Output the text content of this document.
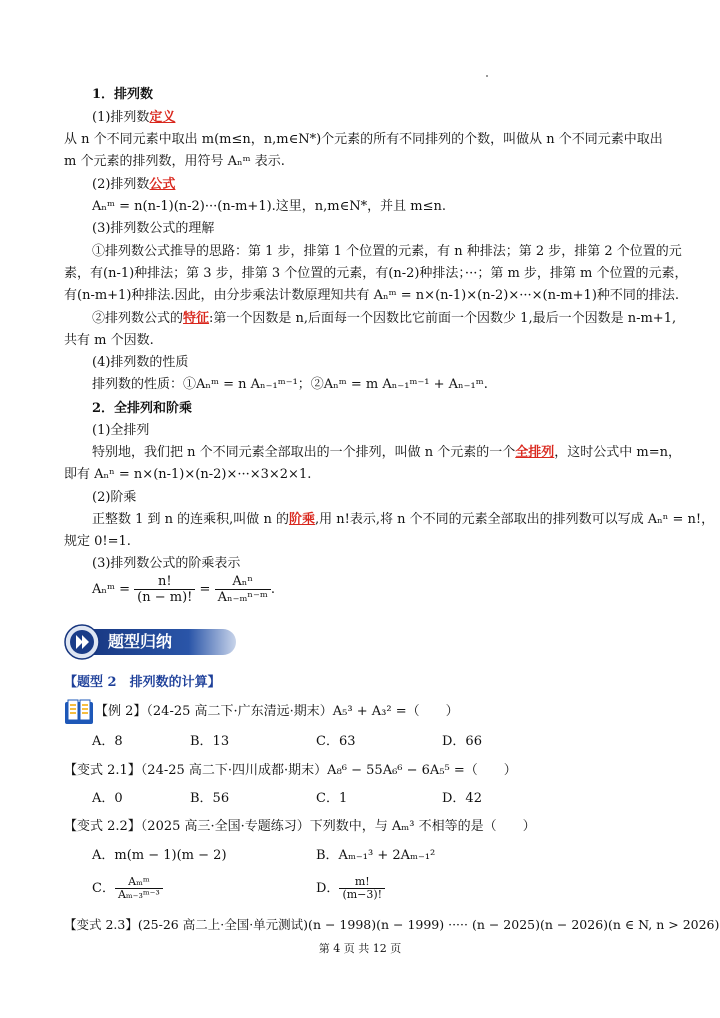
1．排列数
(1)排列数定义
从 n 个不同元素中取出 m(m≤n，n,m∈N*)个元素的所有不同排列的个数，叫做从 n 个不同元素中取出
m 个元素的排列数，用符号 Aₙᵐ 表示.
(2)排列数公式
Aₙᵐ = n(n-1)(n-2)···(n-m+1).这里，n,m∈N*，并且 m≤n.
(3)排列数公式的理解
①排列数公式推导的思路：第 1 步，排第 1 个位置的元素，有 n 种排法；第 2 步，排第 2 个位置的元
素，有(n-1)种排法；第 3 步，排第 3 个位置的元素，有(n-2)种排法；···；第 m 步，排第 m 个位置的元素，
有(n-m+1)种排法.因此，由分步乘法计数原理知共有 Aₙᵐ = n×(n-1)×(n-2)×···×(n-m+1)种不同的排法.
②排列数公式的特征:第一个因数是 n,后面每一个因数比它前面一个因数少 1,最后一个因数是 n-m+1,
共有 m 个因数.
(4)排列数的性质
排列数的性质：①Aₙᵐ = n Aₙ₋₁ᵐ⁻¹；②Aₙᵐ = m Aₙ₋₁ᵐ⁻¹ + Aₙ₋₁ᵐ.
2．全排列和阶乘
(1)全排列
特别地，我们把 n 个不同元素全部取出的一个排列，叫做 n 个元素的一个全排列，这时公式中 m=n，
即有 Aₙⁿ = n×(n-1)×(n-2)×···×3×2×1.
(2)阶乘
正整数 1 到 n 的连乘积,叫做 n 的阶乘,用 n!表示,将 n 个不同的元素全部取出的排列数可以写成 Aₙⁿ = n!，
规定 0!=1.
(3)排列数公式的阶乘表示
Aₙᵐ = $\frac{n!}{(n - m)!} = \frac{\text{Aₙⁿ}}{\text{Aₙ₋ₘⁿ⁻ᵐ}}$ .
题型归纳
【题型 2　排列数的计算】
【例 2】（24-25 高二下·广东清远·期末）A₅³ + A₃² =（　　）
A．8	B．13	C．63	D．66
【变式 2.1】（24-25 高二下·四川成都·期末）A₈⁶ − 55A₆⁶ − 6A₅⁵ =（　　）
A．0	B．56	C．1	D．42
【变式 2.2】（2025 高三·全国·专题练习）下列数中，与 Aₘ³ 不相等的是（　　）
A．m(m − 1)(m − 2)	B．Aₘ₋₁³ + 2Aₘ₋₁²
C． $\frac{\text{Aₘᵐ}}{\text{Aₘ₋₃ᵐ⁻³}}$	D． $\frac{m!}{(m-3)!}$
【变式 2.3】(25-26 高二上·全国·单元测试)(n − 1998)(n − 1999) ····· (n − 2025)(n − 2026)(n ∈ N, n > 2026)
第 4 页 共 12 页
